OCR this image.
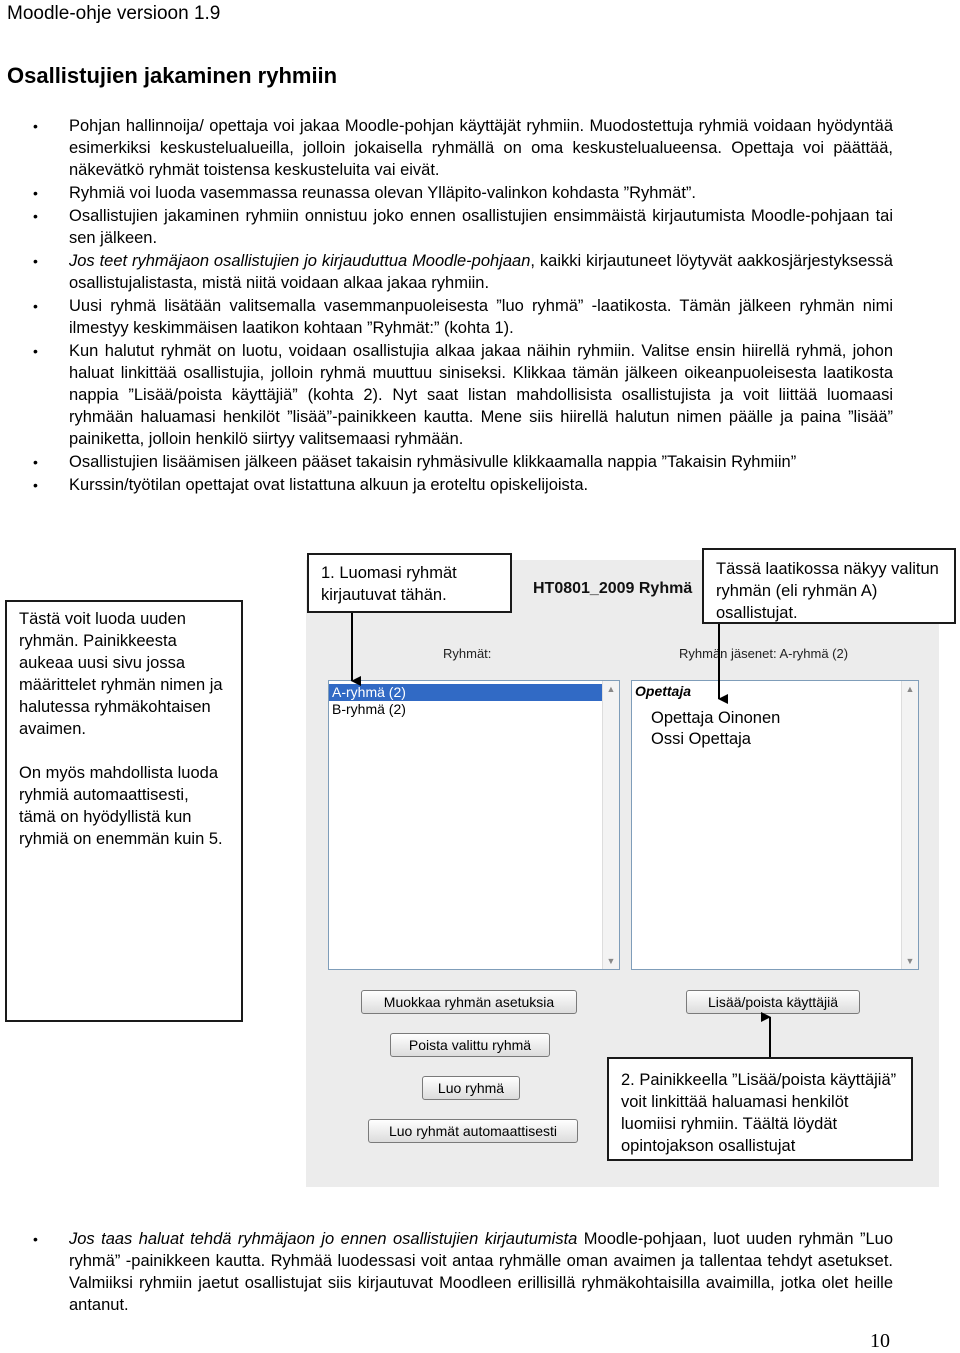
Moodle-ohje versioon 1.9
Osallistujien jakaminen ryhmiin
• Pohjan hallinnoija/ opettaja voi jakaa Moodle-pohjan käyttäjät ryhmiin. Muodostettuja ryhmiä voidaan hyödyntää esimerkiksi keskustelualueilla, jolloin jokaisella ryhmällä on oma keskustelualueensa. Opettaja voi päättää, näkevätkö ryhmät toistensa keskusteluita vai eivät.
• Ryhmiä voi luoda vasemmassa reunassa olevan Ylläpito-valinkon kohdasta ”Ryhmät”.
• Osallistujien jakaminen ryhmiin onnistuu joko ennen osallistujien ensimmäistä kirjautumista Moodle-pohjaan tai sen jälkeen.
• Jos teet ryhmäjaon osallistujien jo kirjauduttua Moodle-pohjaan, kaikki kirjautuneet löytyvät aakkosjärjestyksessä osallistujalistasta, mistä niitä voidaan alkaa jakaa ryhmiin.
• Uusi ryhmä lisätään valitsemalla vasemmanpuoleisesta ”luo ryhmä” -laatikosta. Tämän jälkeen ryhmän nimi ilmestyy keskimmäisen laatikon kohtaan ”Ryhmät:” (kohta 1).
• Kun halutut ryhmät on luotu, voidaan osallistujia alkaa jakaa näihin ryhmiin. Valitse ensin hiirellä ryhmä, johon haluat linkittää osallistujia, jolloin ryhmä muuttuu siniseksi. Klikkaa tämän jälkeen oikeanpuoleisesta laatikosta nappia ”Lisää/poista käyttäjiä” (kohta 2). Nyt saat listan mahdollisista osallistujista ja voit liittää luomaasi ryhmään haluamasi henkilöt ”lisää”-painikkeen kautta. Mene siis hiirellä halutun nimen päälle ja paina ”lisää” painiketta, jolloin henkilö siirtyy valitsemaasi ryhmään.
• Osallistujien lisäämisen jälkeen pääset takaisin ryhmäsivulle klikkaamalla nappia ”Takaisin Ryhmiin”
• Kurssin/työtilan opettajat ovat listattuna alkuun ja eroteltu opiskelijoista.
HT0801_2009 Ryhmä
Ryhmät:	Ryhmän jäsenet: A-ryhmä (2)
A-ryhmä (2)
B-ryhmä (2)
▲
▼
Opettaja	▲
▼
Opettaja Oinonen
Ossi Opettaja
Muokkaa ryhmän asetuksia	Lisää/poista käyttäjiä
Poista valittu ryhmä
Luo ryhmä
Luo ryhmät automaattisesti

Tästä voit luoda uuden ryhmän. Painikkeesta aukeaa uusi sivu jossa määrittelet ryhmän nimen ja halutessa ryhmäkohtaisen avaimen.

On myös mahdollista luoda ryhmiä automaattisesti, tämä on hyödyllistä kun ryhmiä on enemmän kuin 5.

1. Luomasi ryhmät kirjautuvat tähän.
Tässä laatikossa näkyy valitun ryhmän (eli ryhmän A) osallistujat.
2. Painikkeella ”Lisää/poista käyttäjiä” voit linkittää haluamasi henkilöt luomiisi ryhmiin. Täältä löydät opintojakson osallistujat
• Jos taas haluat tehdä ryhmäjaon jo ennen osallistujien kirjautumista Moodle-pohjaan, luot uuden ryhmän ”Luo ryhmä” -painikkeen kautta. Ryhmää luodessasi voit antaa ryhmälle oman avaimen ja tallentaa tehdyt asetukset. Valmiiksi ryhmiin jaetut osallistujat siis kirjautuvat Moodleen erillisillä ryhmäkohtaisilla avaimilla, jotka olet heille antanut.
10
